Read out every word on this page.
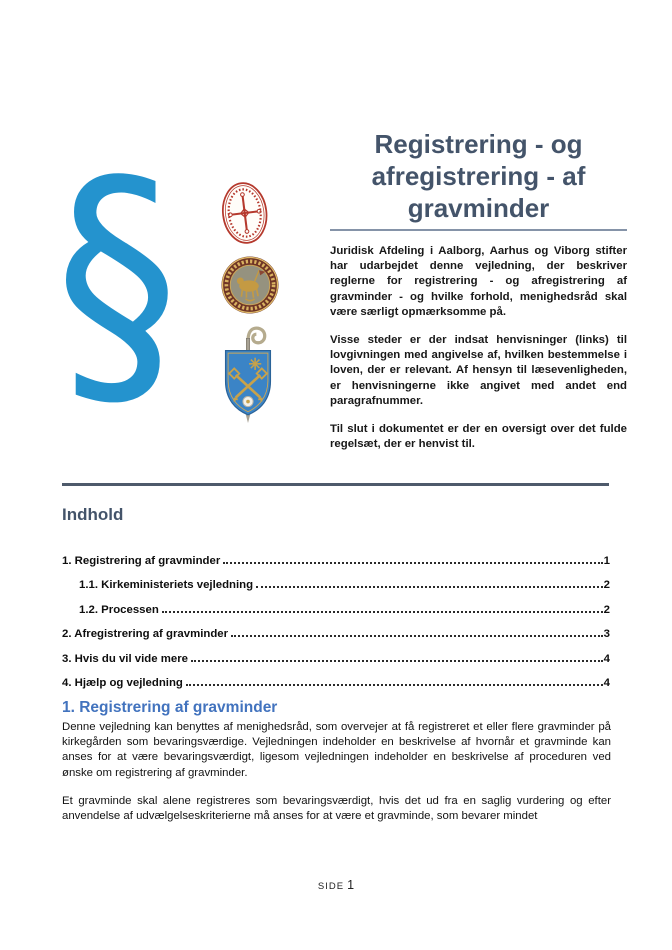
§	Registrering - og afregistrering - af gravminder

Juridisk Afdeling i Aalborg, Aarhus og Viborg stifter har udarbejdet denne vejledning, der beskriver reglerne for registrering - og afregistrering af gravminder - og hvilke forhold, menighedsråd skal være særligt opmærksomme på.

Visse steder er der indsat henvisninger (links) til lovgivningen med angivelse af, hvilken bestemmelse i loven, der er relevant. Af hensyn til læsevenligheden, er henvisningerne ikke angivet med andet end paragrafnummer.

Til slut i dokumentet er der en oversigt over det fulde regelsæt, der er henvist til.

Indhold
1. Registrering af gravminder	1
1.1. Kirkeministeriets vejledning	2
1.2. Processen	2
2. Afregistrering af gravminder	3
3. Hvis du vil vide mere	4
4. Hjælp og vejledning	4
1. Registrering af gravminder

Denne vejledning kan benyttes af menighedsråd, som overvejer at få registreret et eller flere gravminder på kirkegården som bevaringsværdige. Vejledningen indeholder en beskrivelse af hvornår et gravminde kan anses for at være bevaringsværdigt, ligesom vejledningen indeholder en beskrivelse af proceduren ved ønske om registrering af gravminder.

Et gravminde skal alene registreres som bevaringsværdigt, hvis det ud fra en saglig vurdering og efter anvendelse af udvælgelseskriterierne må anses for at være et gravminde, som bevarer mindet

SIDE 1
